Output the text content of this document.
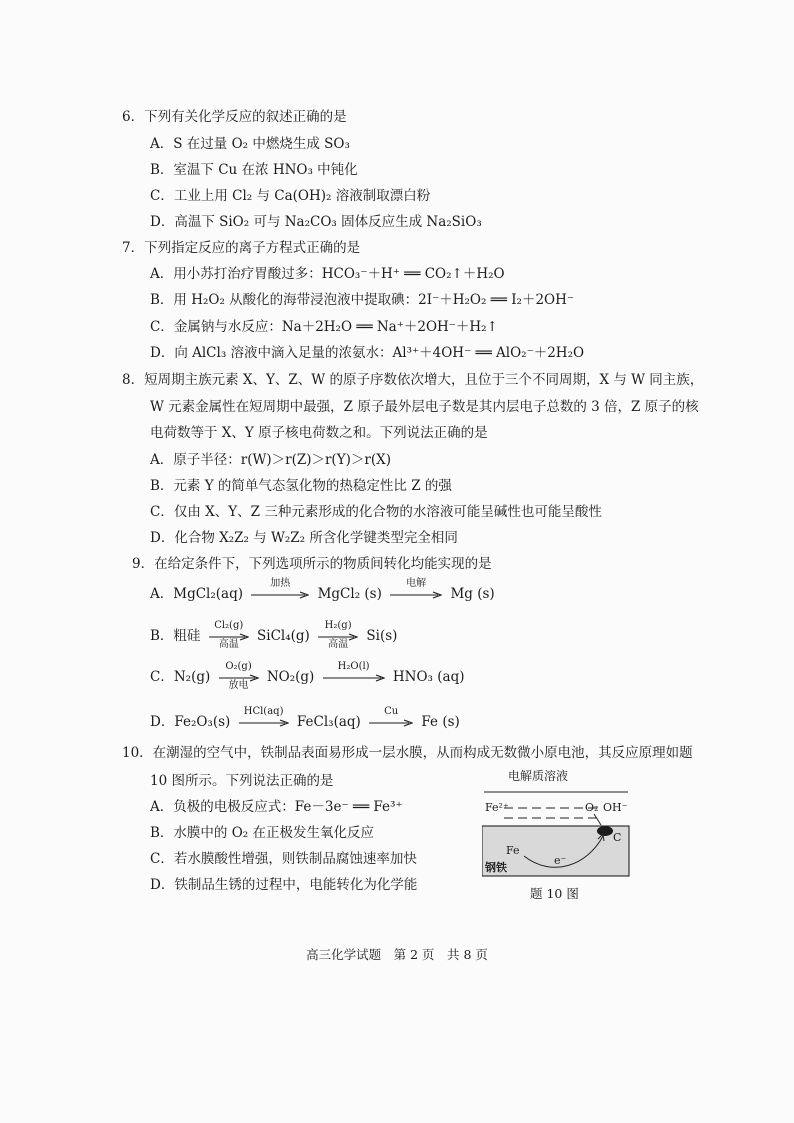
6．下列有关化学反应的叙述正确的是
A．S 在过量 O₂ 中燃烧生成 SO₃
B．室温下 Cu 在浓 HNO₃ 中钝化
C．工业上用 Cl₂ 与 Ca(OH)₂ 溶液制取漂白粉
D．高温下 SiO₂ 可与 Na₂CO₃ 固体反应生成 Na₂SiO₃
7．下列指定反应的离子方程式正确的是
A．用小苏打治疗胃酸过多：HCO₃⁻＋H⁺ ══ CO₂↑＋H₂O
B．用 H₂O₂ 从酸化的海带浸泡液中提取碘：2I⁻＋H₂O₂ ══ I₂＋2OH⁻
C．金属钠与水反应：Na＋2H₂O ══ Na⁺＋2OH⁻＋H₂↑
D．向 AlCl₃ 溶液中滴入足量的浓氨水：Al³⁺＋4OH⁻ ══ AlO₂⁻＋2H₂O
8．短周期主族元素 X、Y、Z、W 的原子序数依次增大，且位于三个不同周期，X 与 W 同主族，
W 元素金属性在短周期中最强，Z 原子最外层电子数是其内层电子总数的 3 倍，Z 原子的核
电荷数等于 X、Y 原子核电荷数之和。下列说法正确的是
A．原子半径：r(W)＞r(Z)＞r(Y)＞r(X)
B．元素 Y 的简单气态氢化物的热稳定性比 Z 的强
C．仅由 X、Y、Z 三种元素形成的化合物的水溶液可能呈碱性也可能呈酸性
D．化合物 X₂Z₂ 与 W₂Z₂ 所含化学键类型完全相同
9．在给定条件下，下列选项所示的物质间转化均能实现的是
A．MgCl₂(aq)
加热
MgCl₂ (s)
电解
Mg (s)
B．粗硅
Cl₂(g)
高温	SiCl₄(g)
H₂(g)
高温	Si(s)
C．N₂(g)
O₂(g)
放电	NO₂(g)
H₂O(l)
HNO₃ (aq)
D．Fe₂O₃(s)
HCl(aq)
FeCl₃(aq)
Cu
Fe (s)
10．在潮湿的空气中，铁制品表面易形成一层水膜，从而构成无数微小原电池，其反应原理如题
10 图所示。下列说法正确的是
A．负极的电极反应式：Fe－3e⁻ ══ Fe³⁺
B．水膜中的 O₂ 在正极发生氧化反应
C．若水膜酸性增强，则铁制品腐蚀速率加快
D．铁制品生锈的过程中，电能转化为化学能
电解质溶液
Fe²⁺	O₂ OH⁻
C
Fe
e⁻
钢铁
题 10 图
高三化学试题　第 2 页　共 8 页
